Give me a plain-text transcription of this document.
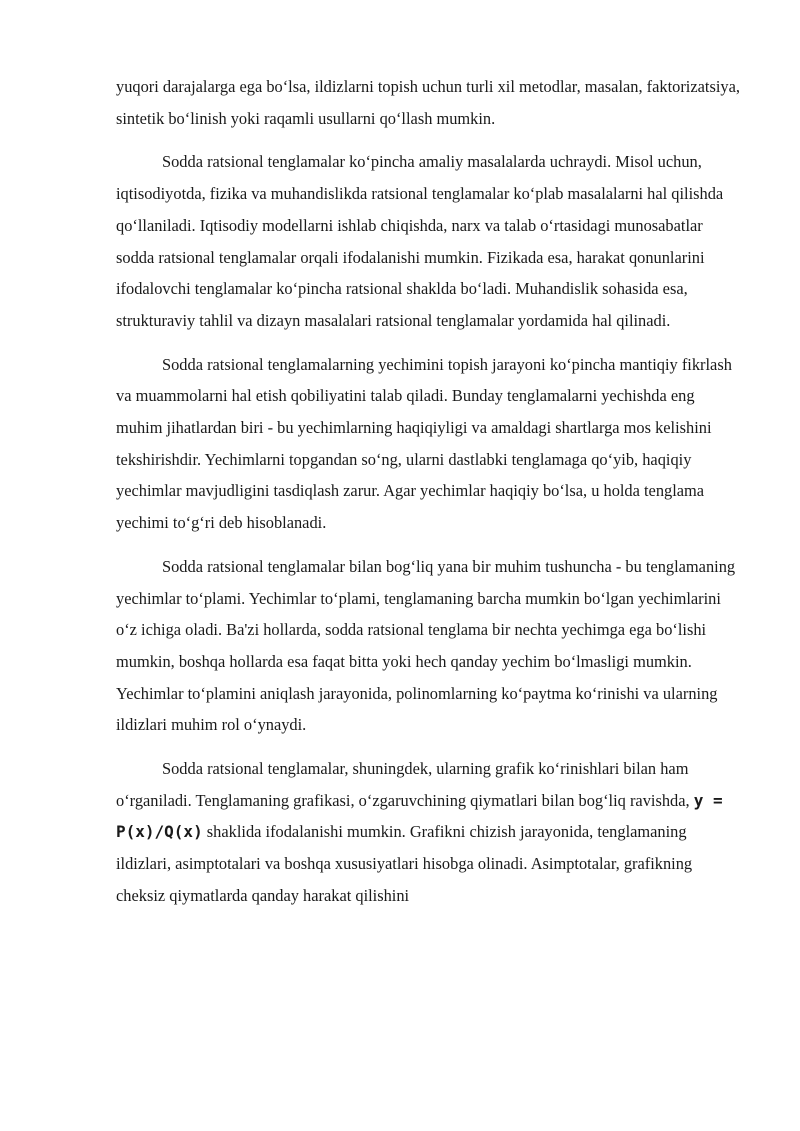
yuqori darajalarga ega bo‘lsa, ildizlarni topish uchun turli xil metodlar, masalan, faktorizatsiya, sintetik bo‘linish yoki raqamli usullarni qo‘llash mumkin.

Sodda ratsional tenglamalar ko‘pincha amaliy masalalarda uchraydi. Misol uchun, iqtisodiyotda, fizika va muhandislikda ratsional tenglamalar ko‘plab masalalarni hal qilishda qo‘llaniladi. Iqtisodiy modellarni ishlab chiqishda, narx va talab o‘rtasidagi munosabatlar sodda ratsional tenglamalar orqali ifodalanishi mumkin. Fizikada esa, harakat qonunlarini ifodalovchi tenglamalar ko‘pincha ratsional shaklda bo‘ladi. Muhandislik sohasida esa, strukturaviy tahlil va dizayn masalalari ratsional tenglamalar yordamida hal qilinadi.

Sodda ratsional tenglamalarning yechimini topish jarayoni ko‘pincha mantiqiy fikrlash va muammolarni hal etish qobiliyatini talab qiladi. Bunday tenglamalarni yechishda eng muhim jihatlardan biri - bu yechimlarning haqiqiyligi va amaldagi shartlarga mos kelishini tekshirishdir. Yechimlarni topgandan so‘ng, ularni dastlabki tenglamaga qo‘yib, haqiqiy yechimlar mavjudligini tasdiqlash zarur. Agar yechimlar haqiqiy bo‘lsa, u holda tenglama yechimi to‘g‘ri deb hisoblanadi.

Sodda ratsional tenglamalar bilan bog‘liq yana bir muhim tushuncha - bu tenglamaning yechimlar to‘plami. Yechimlar to‘plami, tenglamaning barcha mumkin bo‘lgan yechimlarini o‘z ichiga oladi. Ba'zi hollarda, sodda ratsional tenglama bir nechta yechimga ega bo‘lishi mumkin, boshqa hollarda esa faqat bitta yoki hech qanday yechim bo‘lmasligi mumkin. Yechimlar to‘plamini aniqlash jarayonida, polinomlarning ko‘paytma ko‘rinishi va ularning ildizlari muhim rol o‘ynaydi.

Sodda ratsional tenglamalar, shuningdek, ularning grafik ko‘rinishlari bilan ham o‘rganiladi. Tenglamaning grafikasi, o‘zgaruvchining qiymatlari bilan bog‘liq ravishda, y = P(x)/Q(x) shaklida ifodalanishi mumkin. Grafikni chizish jarayonida, tenglamaning ildizlari, asimptotalari va boshqa xususiyatlari hisobga olinadi. Asimptotalar, grafikning cheksiz qiymatlarda qanday harakat qilishini
